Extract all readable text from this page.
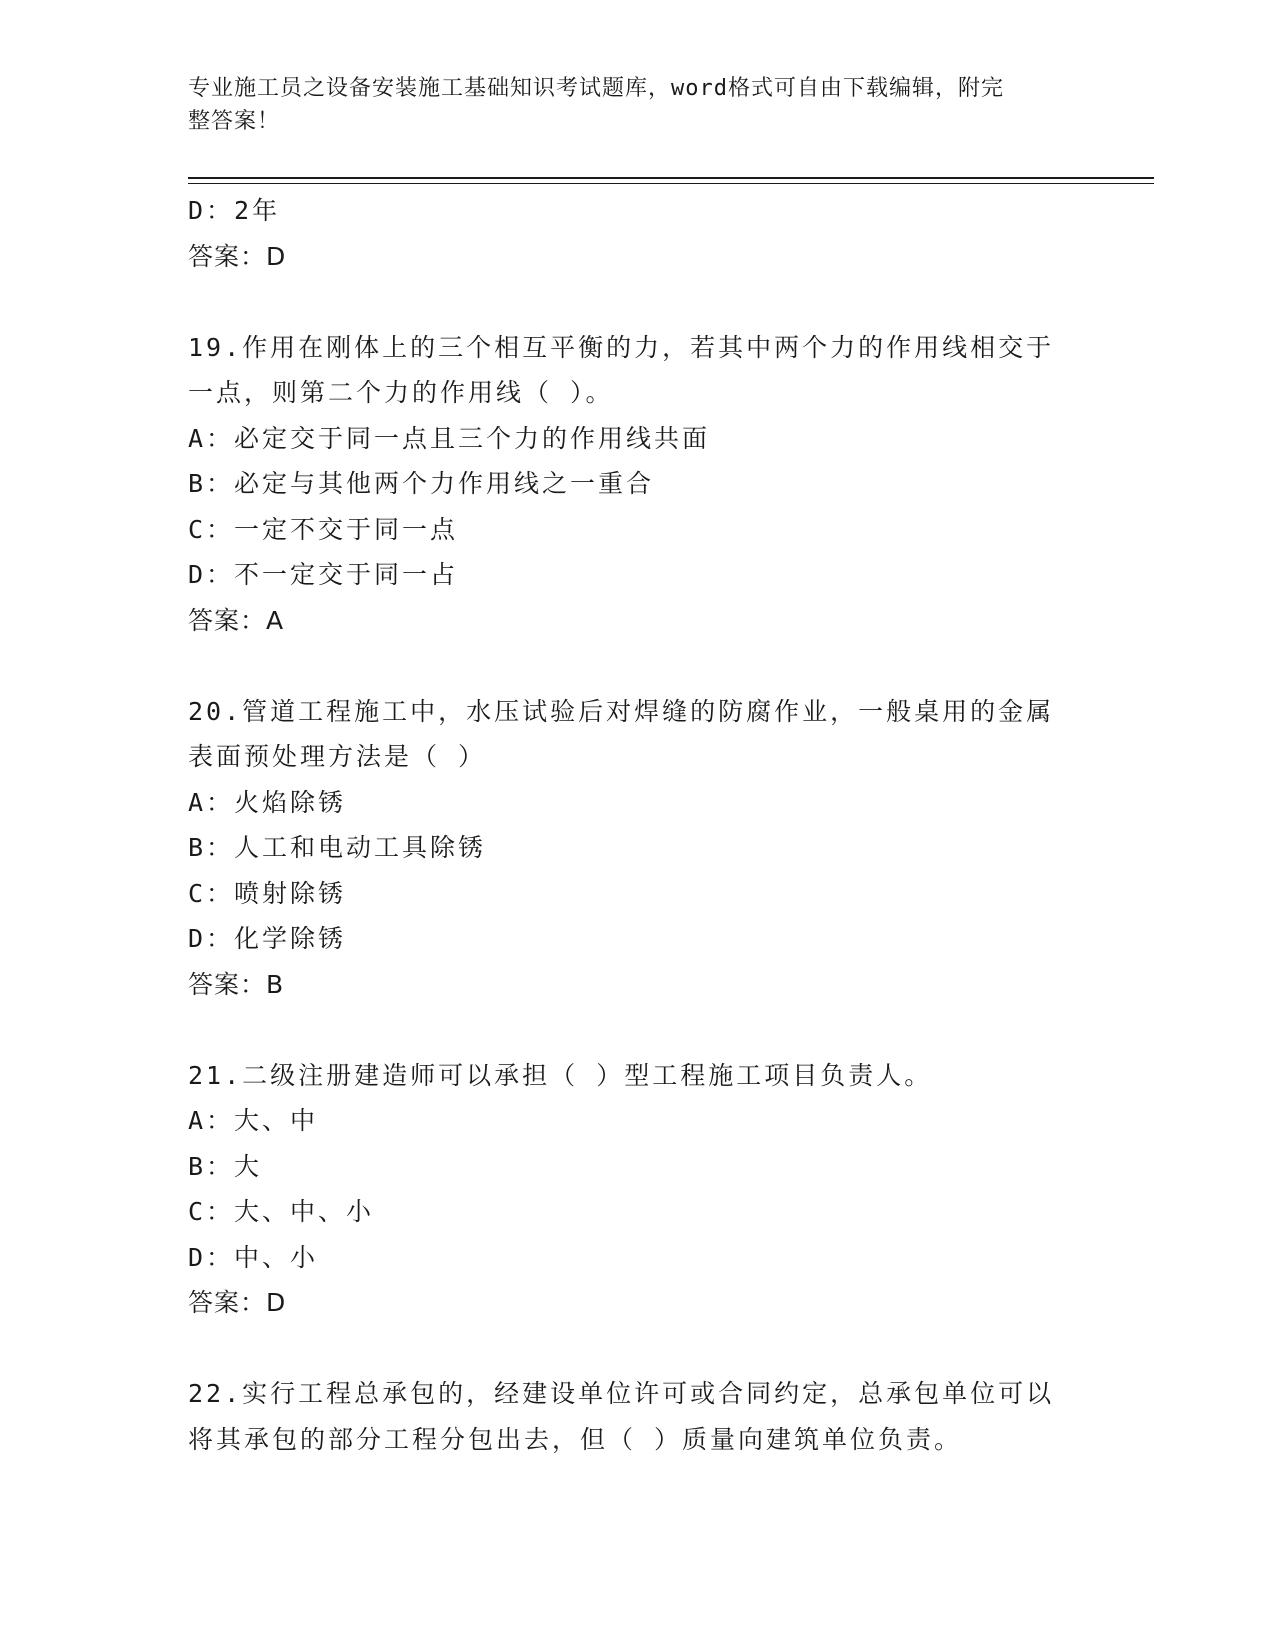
专业施工员之设备安装施工基础知识考试题库，word格式可自由下载编辑，附完
整答案！
D：2年
答案：D
19.作用在刚体上的三个相互平衡的力，若其中两个力的作用线相交于
一点，则第二个力的作用线（ ）。
A：必定交于同一点且三个力的作用线共面
B：必定与其他两个力作用线之一重合
C：一定不交于同一点
D：不一定交于同一占
答案：A
20.管道工程施工中，水压试验后对焊缝的防腐作业，一般桌用的金属
表面预处理方法是（ ）
A：火焰除锈
B：人工和电动工具除锈
C：喷射除锈
D：化学除锈
答案：B
21.二级注册建造师可以承担（ ）型工程施工项目负责人。
A：大、中
B：大
C：大、中、小
D：中、小
答案：D
22.实行工程总承包的，经建设单位许可或合同约定，总承包单位可以
将其承包的部分工程分包出去，但（ ）质量向建筑单位负责。
